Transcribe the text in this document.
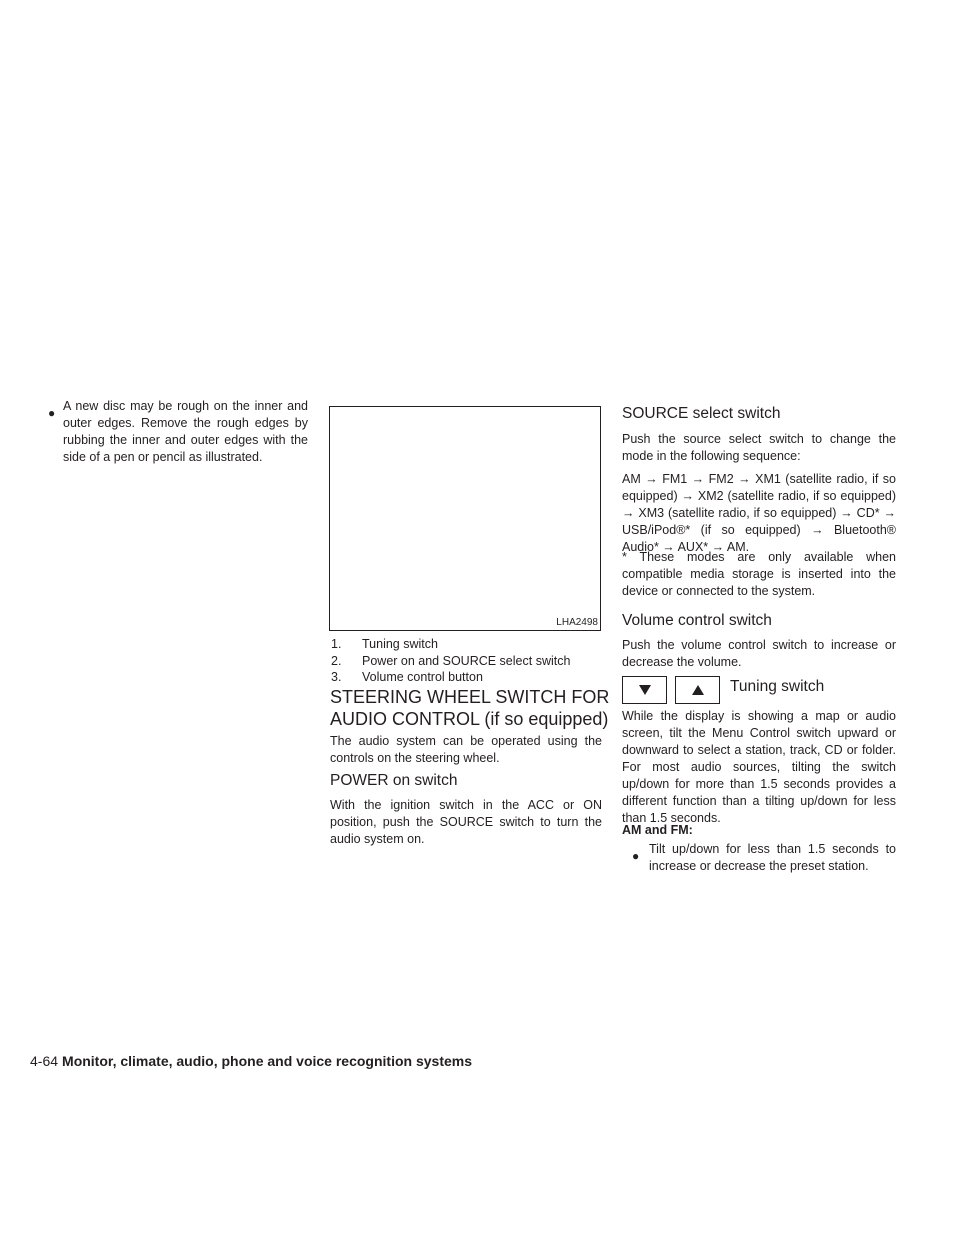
● A new disc may be rough on the inner and outer edges. Remove the rough edges by rubbing the inner and outer edges with the side of a pen or pencil as illustrated.

LHA2498
1. Tuning switch
2. Power on and SOURCE select switch
3. Volume control button
STEERING WHEEL SWITCH FOR
AUDIO CONTROL (if so equipped)

The audio system can be operated using the controls on the steering wheel.

POWER on switch

With the ignition switch in the ACC or ON position, push the SOURCE switch to turn the audio system on.

SOURCE select switch

Push the source select switch to change the mode in the following sequence:

AM → FM1 → FM2 → XM1 (satellite radio, if so equipped) → XM2 (satellite radio, if so equipped) → XM3 (satellite radio, if so equipped) → CD* → USB/iPod®* (if so equipped) → Bluetooth® Audio* → AUX* → AM.

* These modes are only available when compatible media storage is inserted into the device or connected to the system.

Volume control switch

Push the volume control switch to increase or decrease the volume.

Tuning switch

While the display is showing a map or audio screen, tilt the Menu Control switch upward or downward to select a station, track, CD or folder. For most audio sources, tilting the switch up/down for more than 1.5 seconds provides a different function than a tilting up/down for less than 1.5 seconds.

AM and FM:

● Tilt up/down for less than 1.5 seconds to increase or decrease the preset station.

4-64 Monitor, climate, audio, phone and voice recognition systems
